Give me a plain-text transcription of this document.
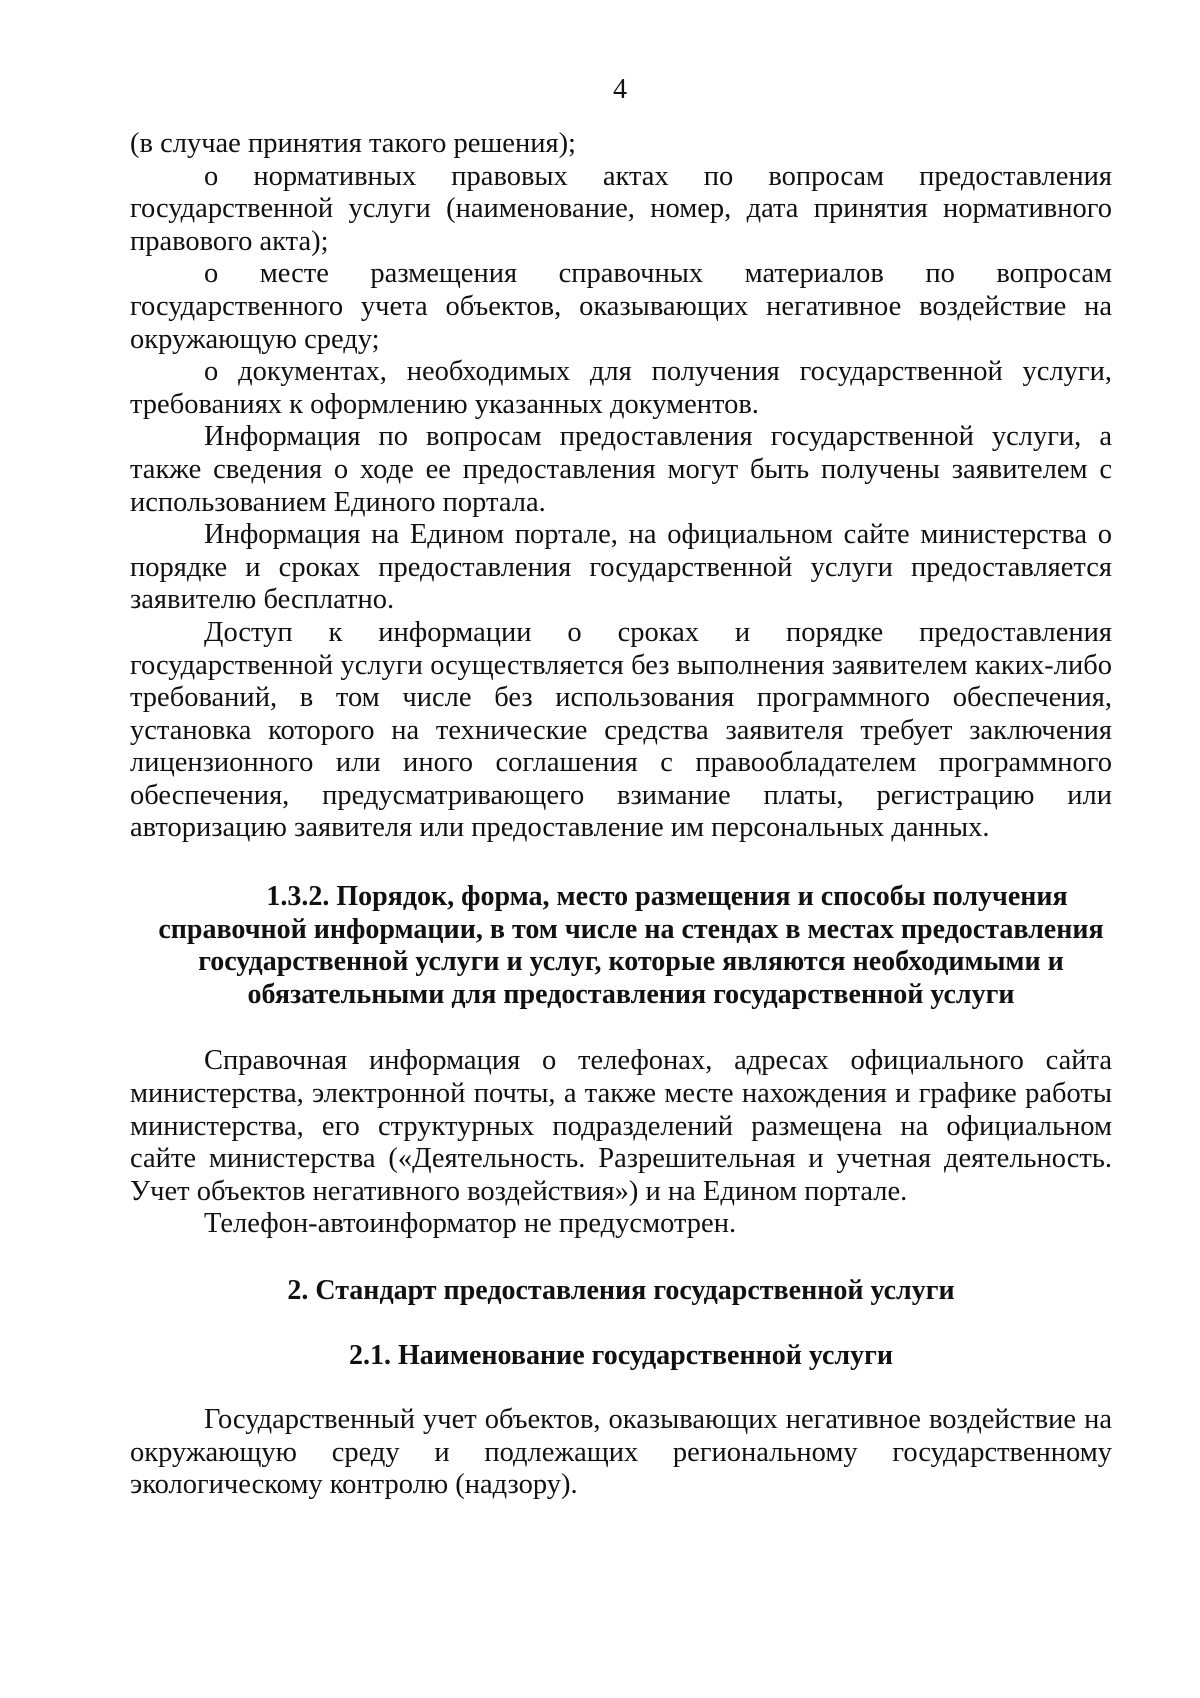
4

(в случае принятия такого решения);

о нормативных правовых актах по вопросам предоставления государственной услуги (наименование, номер, дата принятия нормативного правового акта);

о месте размещения справочных материалов по вопросам государственного учета объектов, оказывающих негативное воздействие на окружающую среду;

о документах, необходимых для получения государственной услуги, требованиях к оформлению указанных документов.

Информация по вопросам предоставления государственной услуги, а также сведения о ходе ее предоставления могут быть получены заявителем с использованием Единого портала.

Информация на Едином портале, на официальном сайте министерства о порядке и сроках предоставления государственной услуги предоставляется заявителю бесплатно.

Доступ к информации о сроках и порядке предоставления государственной услуги осуществляется без выполнения заявителем каких-либо требований, в том числе без использования программного обеспечения, установка которого на технические средства заявителя требует заключения лицензионного или иного соглашения с правообладателем программного обеспечения, предусматривающего взимание платы, регистрацию или авторизацию заявителя или предоставление им персональных данных.

1.3.2. Порядок, форма, место размещения и способы получения
справочной информации, в том числе на стендах в местах предоставления государственной услуги и услуг, которые являются необходимыми и обязательными для предоставления государственной услуги

Справочная информация о телефонах, адресах официального сайта министерства, электронной почты, а также месте нахождения и графике работы министерства, его структурных подразделений размещена на официальном сайте министерства («Деятельность. Разрешительная и учетная деятельность. Учет объектов негативного воздействия») и на Едином портале.

Телефон-автоинформатор не предусмотрен.

2. Стандарт предоставления государственной услуги
2.1. Наименование государственной услуги

Государственный учет объектов, оказывающих негативное воздействие на окружающую среду и подлежащих региональному государственному экологическому контролю (надзору).
